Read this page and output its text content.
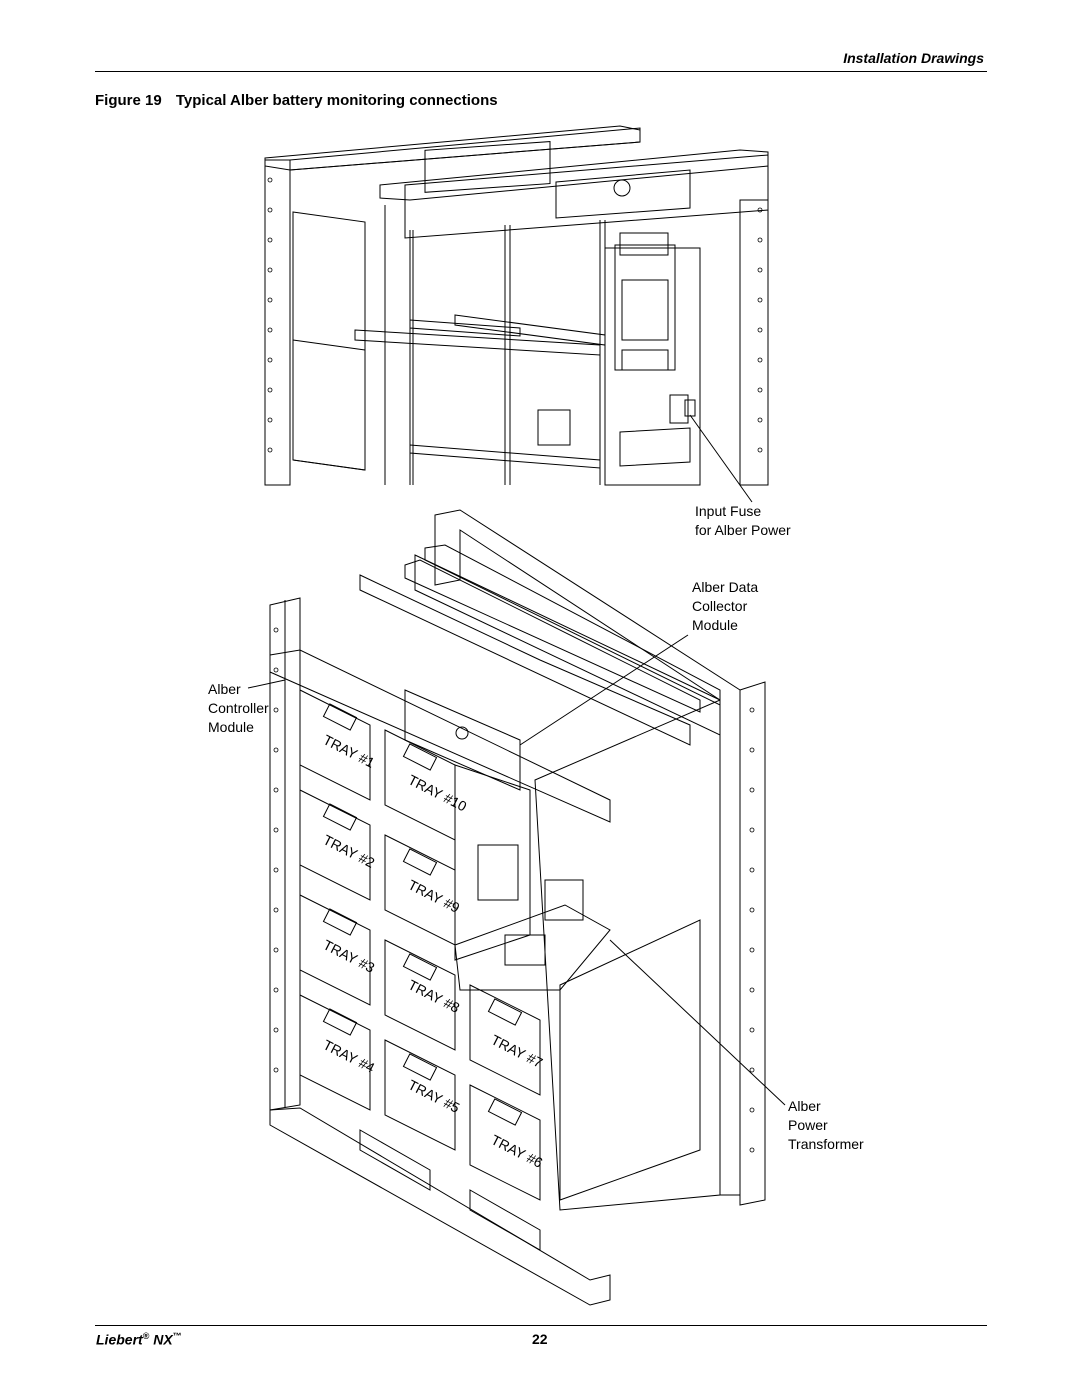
Installation Drawings
Figure 19 Typical Alber battery monitoring connections
TRAY #1
TRAY #2
TRAY #3
TRAY #4
TRAY #5
TRAY #6
TRAY #7
TRAY #8
TRAY #9
TRAY #10
Input Fuse
for Alber Power
Alber Data
Collector
Module
Alber
Controller
Module
Alber
Power
Transformer
Liebert® NX™	22
